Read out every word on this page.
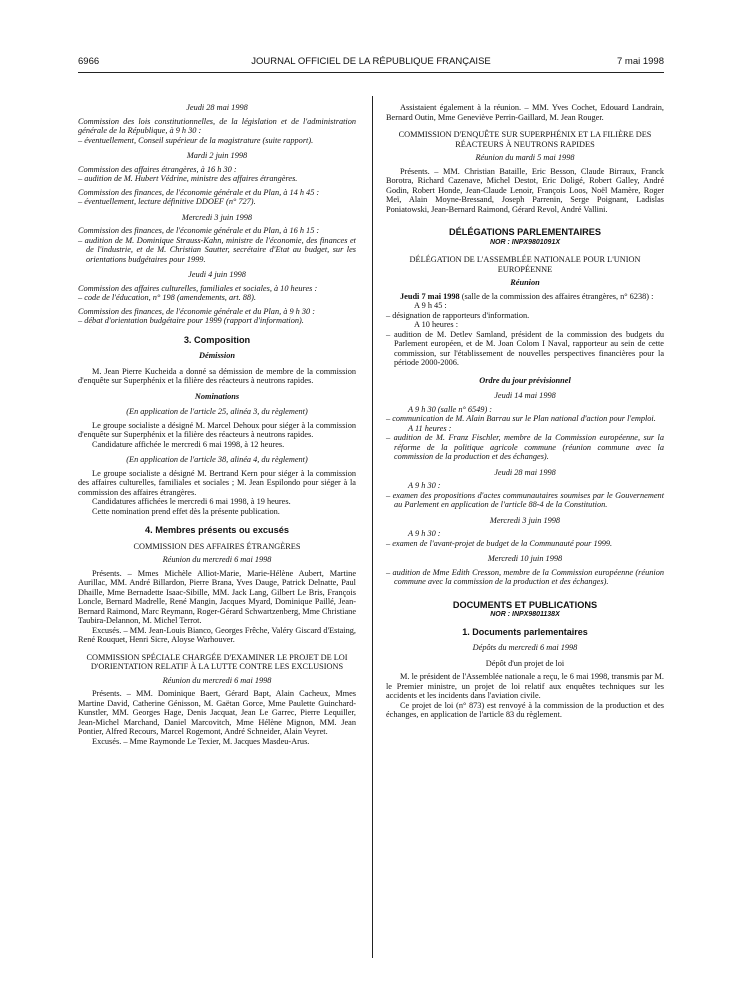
6966	JOURNAL OFFICIEL DE LA RÉPUBLIQUE FRANÇAISE	7 mai 1998

Jeudi 28 mai 1998

Commission des lois constitutionnelles, de la législation et de l'administration générale de la République, à 9 h 30 :

– éventuellement, Conseil supérieur de la magistrature (suite rapport).

Mardi 2 juin 1998

Commission des affaires étrangères, à 16 h 30 :

– audition de M. Hubert Védrine, ministre des affaires étrangères.

Commission des finances, de l'économie générale et du Plan, à 14 h 45 :

– éventuellement, lecture définitive DDOEF (n° 727).

Mercredi 3 juin 1998

Commission des finances, de l'économie générale et du Plan, à 16 h 15 :

– audition de M. Dominique Strauss-Kahn, ministre de l'économie, des finances et de l'industrie, et de M. Christian Sautter, secrétaire d'Etat au budget, sur les orientations budgétaires pour 1999.

Jeudi 4 juin 1998

Commission des affaires culturelles, familiales et sociales, à 10 heures :

– code de l'éducation, n° 198 (amendements, art. 88).

Commission des finances, de l'économie générale et du Plan, à 9 h 30 :

– débat d'orientation budgétaire pour 1999 (rapport d'information).

3. Composition

Démission

M. Jean Pierre Kucheida a donné sa démission de membre de la commission d'enquête sur Superphénix et la filière des réacteurs à neutrons rapides.

Nominations

(En application de l'article 25, alinéa 3, du règlement)

Le groupe socialiste a désigné M. Marcel Dehoux pour siéger à la commission d'enquête sur Superphénix et la filière des réacteurs à neutrons rapides.

Candidature affichée le mercredi 6 mai 1998, à 12 heures.

(En application de l'article 38, alinéa 4, du règlement)

Le groupe socialiste a désigné M. Bertrand Kern pour siéger à la commission des affaires culturelles, familiales et sociales ; M. Jean Espilondo pour siéger à la commission des affaires étrangères.

Candidatures affichées le mercredi 6 mai 1998, à 19 heures.

Cette nomination prend effet dès la présente publication.

4. Membres présents ou excusés

COMMISSION DES AFFAIRES ÉTRANGÈRES

Réunion du mercredi 6 mai 1998

Présents. – Mmes Michèle Alliot-Marie, Marie-Hélène Aubert, Martine Aurillac, MM. André Billardon, Pierre Brana, Yves Dauge, Patrick Delnatte, Paul Dhaille, Mme Bernadette Isaac-Sibille, MM. Jack Lang, Gilbert Le Bris, François Loncle, Bernard Madrelle, René Mangin, Jacques Myard, Dominique Paillé, Jean-Bernard Raimond, Marc Reymann, Roger-Gérard Schwartzenberg, Mme Christiane Taubira-Delannon, M. Michel Terrot.

Excusés. – MM. Jean-Louis Bianco, Georges Frêche, Valéry Giscard d'Estaing, René Rouquet, Henri Sicre, Aloyse Warhouver.

COMMISSION SPÉCIALE CHARGÉE D'EXAMINER LE PROJET DE LOI D'ORIENTATION RELATIF À LA LUTTE CONTRE LES EXCLUSIONS

Réunion du mercredi 6 mai 1998

Présents. – MM. Dominique Baert, Gérard Bapt, Alain Cacheux, Mmes Martine David, Catherine Génisson, M. Gaëtan Gorce, Mme Paulette Guinchard-Kunstler, MM. Georges Hage, Denis Jacquat, Jean Le Garrec, Pierre Lequiller, Jean-Michel Marchand, Daniel Marcovitch, Mme Hélène Mignon, MM. Jean Pontier, Alfred Recours, Marcel Rogemont, André Schneider, Alain Veyret.

Excusés. – Mme Raymonde Le Texier, M. Jacques Masdeu-Arus.

Assistaient également à la réunion. – MM. Yves Cochet, Edouard Landrain, Bernard Outin, Mme Geneviève Perrin-Gaillard, M. Jean Rouger.

COMMISSION D'ENQUÊTE SUR SUPERPHÉNIX ET LA FILIÈRE DES RÉACTEURS À NEUTRONS RAPIDES

Réunion du mardi 5 mai 1998

Présents. – MM. Christian Bataille, Eric Besson, Claude Birraux, Franck Borotra, Richard Cazenave, Michel Destot, Eric Doligé, Robert Galley, André Godin, Robert Honde, Jean-Claude Lenoir, François Loos, Noël Mamère, Roger Meï, Alain Moyne-Bressand, Joseph Parrenin, Serge Poignant, Ladislas Poniatowski, Jean-Bernard Raimond, Gérard Revol, André Vallini.

DÉLÉGATIONS PARLEMENTAIRES

NOR : INPX9801091X

DÉLÉGATION DE L'ASSEMBLÉE NATIONALE POUR L'UNION EUROPÉENNE

Réunion

Jeudi 7 mai 1998 (salle de la commission des affaires étrangères, n° 6238) :

A 9 h 45 :

– désignation de rapporteurs d'information.

A 10 heures :

– audition de M. Detlev Samland, président de la commission des budgets du Parlement européen, et de M. Joan Colom I Naval, rapporteur au sein de cette commission, sur l'établissement de nouvelles perspectives financières pour la période 2000-2006.

Ordre du jour prévisionnel

Jeudi 14 mai 1998

A 9 h 30 (salle n° 6549) :

– communication de M. Alain Barrau sur le Plan national d'action pour l'emploi.

A 11 heures :

– audition de M. Franz Fischler, membre de la Commission européenne, sur la réforme de la politique agricole commune (réunion commune avec la commission de la production et des échanges).

Jeudi 28 mai 1998

A 9 h 30 :

– examen des propositions d'actes communautaires soumises par le Gouvernement au Parlement en application de l'article 88-4 de la Constitution.

Mercredi 3 juin 1998

A 9 h 30 :

– examen de l'avant-projet de budget de la Communauté pour 1999.

Mercredi 10 juin 1998

– audition de Mme Edith Cresson, membre de la Commission européenne (réunion commune avec la commission de la production et des échanges).

DOCUMENTS ET PUBLICATIONS

NOR : INPX9801138X

1. Documents parlementaires

Dépôts du mercredi 6 mai 1998

Dépôt d'un projet de loi

M. le président de l'Assemblée nationale a reçu, le 6 mai 1998, transmis par M. le Premier ministre, un projet de loi relatif aux enquêtes techniques sur les accidents et les incidents dans l'aviation civile.

Ce projet de loi (n° 873) est renvoyé à la commission de la production et des échanges, en application de l'article 83 du règlement.
